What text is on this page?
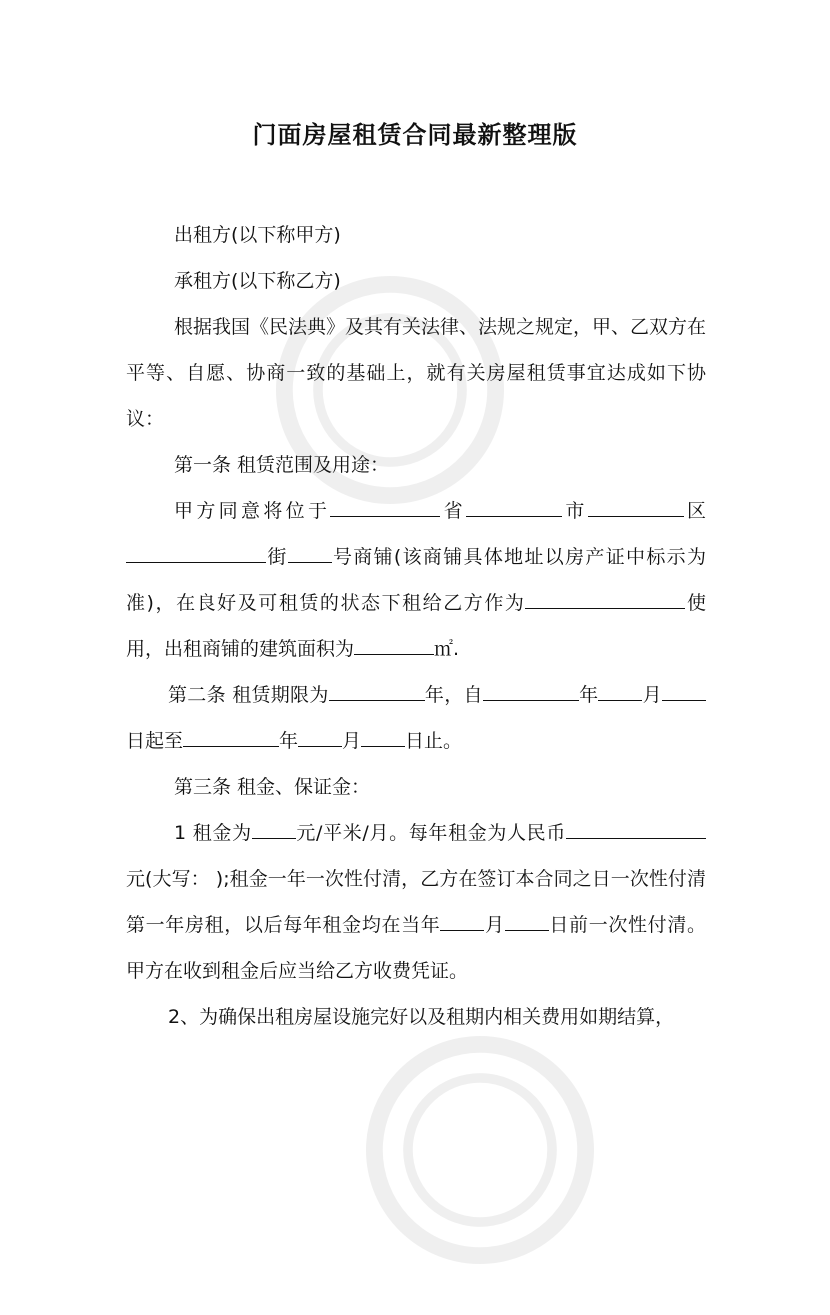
门面房屋租赁合同最新整理版

出租方(以下称甲方)

承租方(以下称乙方)

根据我国《民法典》及其有关法律、法规之规定，甲、乙双方在平等、自愿、协商一致的基础上，就有关房屋租赁事宜达成如下协议：

第一条 租赁范围及用途：

甲方同意将位于	省	市	区街 号商铺(该商铺具体地址以房产证中标示为准)，在良好及可租赁的状态下租给乙方作为	使用，出租商铺的建筑面积为	㎡.

第二条 租赁期限为	年，自	年 月日起至	年 月 日止。

第三条 租金、保证金：

1 租金为 元/平米/月。每年租金为人民币元(大写： );租金一年一次性付清，乙方在签订本合同之日一次性付清第一年房租，以后每年租金均在当年 月 日前一次性付清。甲方在收到租金后应当给乙方收费凭证。

2、为确保出租房屋设施完好以及租期内相关费用如期结算，
